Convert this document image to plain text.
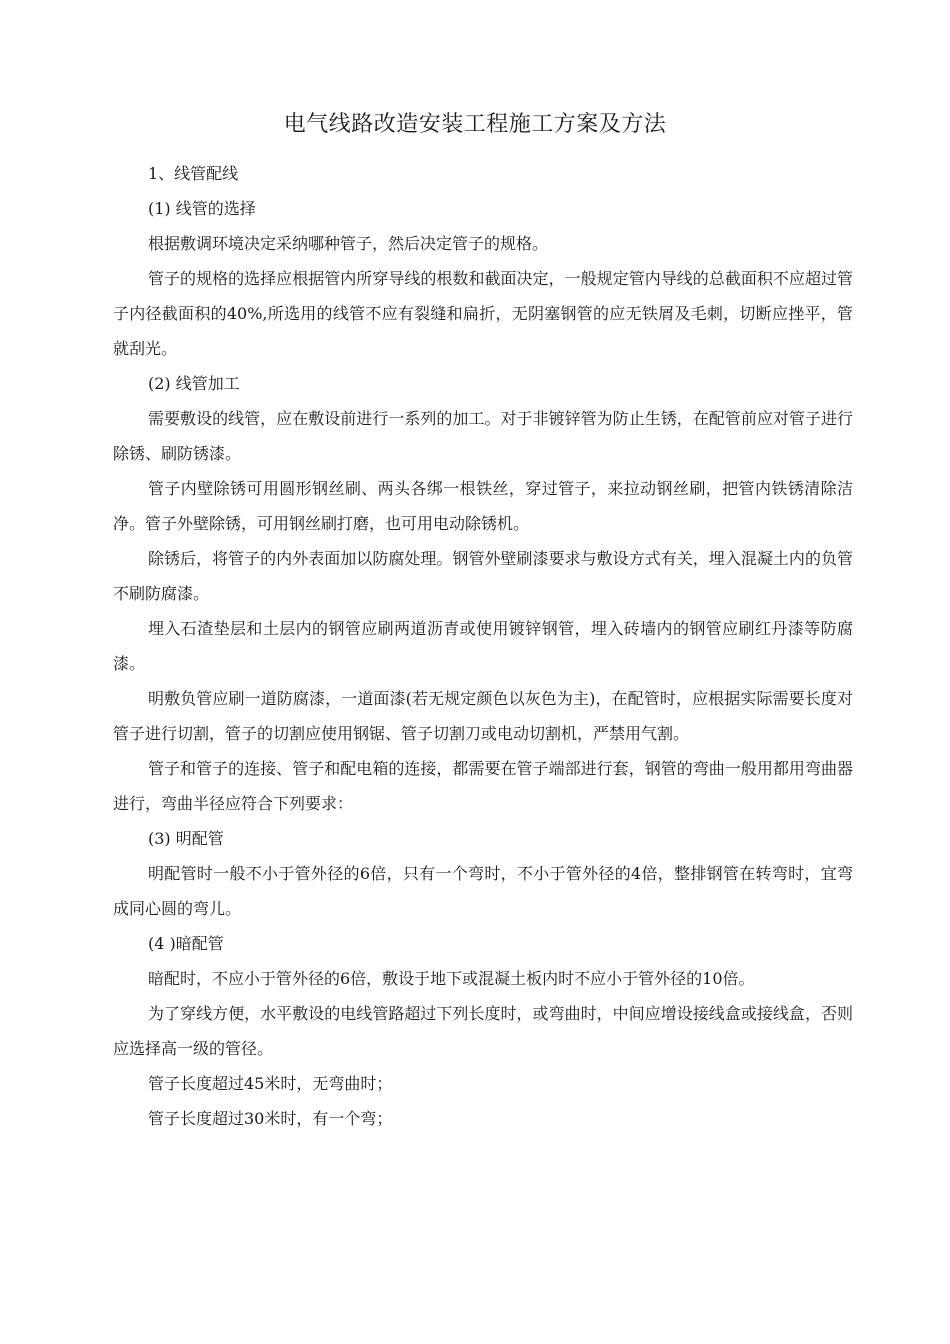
电气线路改造安装工程施工方案及方法

1、线管配线

(1) 线管的选择

根据敷调环境决定采纳哪种管子，然后决定管子的规格。

管子的规格的选择应根据管内所穿导线的根数和截面决定，一般规定管内导线的总截面积不应超过管子内径截面积的40%,所选用的线管不应有裂缝和扁折，无阴塞钢管的应无铁屑及毛刺，切断应挫平，管就刮光。

(2) 线管加工

需要敷设的线管，应在敷设前进行一系列的加工。对于非镀锌管为防止生锈，在配管前应对管子进行除锈、刷防锈漆。

管子内壁除锈可用圆形钢丝刷、两头各绑一根铁丝，穿过管子，来拉动钢丝刷，把管内铁锈清除洁净。管子外壁除锈，可用钢丝刷打磨，也可用电动除锈机。

除锈后，将管子的内外表面加以防腐处理。钢管外壁刷漆要求与敷设方式有关，埋入混凝土内的负管不刷防腐漆。

埋入石渣垫层和土层内的钢管应刷两道沥青或使用镀锌钢管，埋入砖墙内的钢管应刷红丹漆等防腐漆。

明敷负管应刷一道防腐漆，一道面漆(若无规定颜色以灰色为主)，在配管时，应根据实际需要长度对管子进行切割，管子的切割应使用钢锯、管子切割刀或电动切割机，严禁用气割。

管子和管子的连接、管子和配电箱的连接，都需要在管子端部进行套，钢管的弯曲一般用都用弯曲器进行，弯曲半径应符合下列要求：

(3) 明配管

明配管时一般不小于管外径的6倍，只有一个弯时，不小于管外径的4倍，整排钢管在转弯时，宜弯成同心圆的弯儿。

(4 )暗配管

暗配时，不应小于管外径的6倍，敷设于地下或混凝土板内时不应小于管外径的10倍。

为了穿线方便，水平敷设的电线管路超过下列长度时，或弯曲时，中间应增设接线盒或接线盒，否则应选择高一级的管径。

管子长度超过45米时，无弯曲时；

管子长度超过30米时，有一个弯；
